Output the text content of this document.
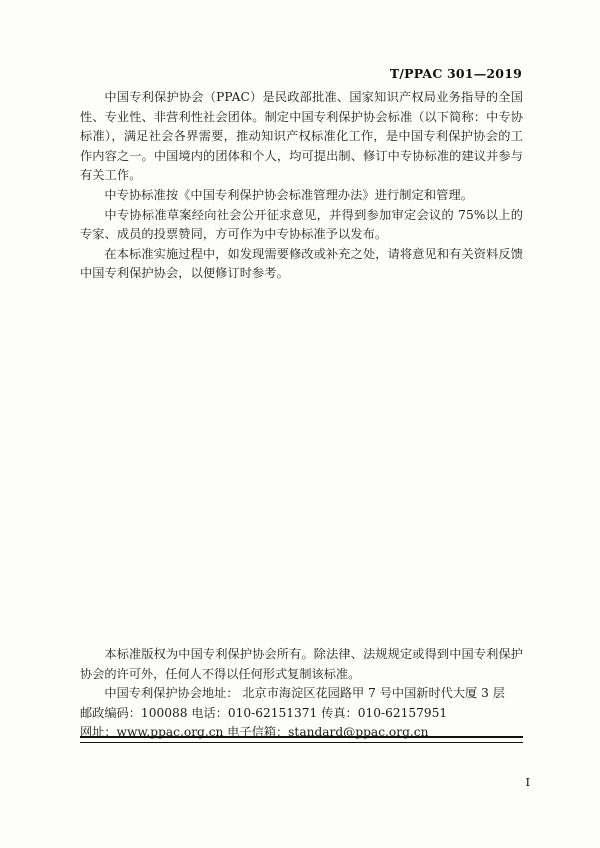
T/PPAC 301—2019

中国专利保护协会（PPAC）是民政部批准、国家知识产权局业务指导的全国性、专业性、非营利性社会团体。制定中国专利保护协会标准（以下简称：中专协标准），满足社会各界需要，推动知识产权标准化工作，是中国专利保护协会的工作内容之一。中国境内的团体和个人，均可提出制、修订中专协标准的建议并参与有关工作。

中专协标准按《中国专利保护协会标准管理办法》进行制定和管理。

中专协标准草案经向社会公开征求意见，并得到参加审定会议的 75%以上的专家、成员的投票赞同，方可作为中专协标准予以发布。

在本标准实施过程中，如发现需要修改或补充之处，请将意见和有关资料反馈中国专利保护协会，以便修订时参考。

本标准版权为中国专利保护协会所有。除法律、法规规定或得到中国专利保护协会的许可外，任何人不得以任何形式复制该标准。

中国专利保护协会地址： 北京市海淀区花园路甲 7 号中国新时代大厦 3 层

邮政编码：100088 电话：010-62151371 传真：010-62157951

网址：www.ppac.org.cn 电子信箱：standard@ppac.org.cn

I
